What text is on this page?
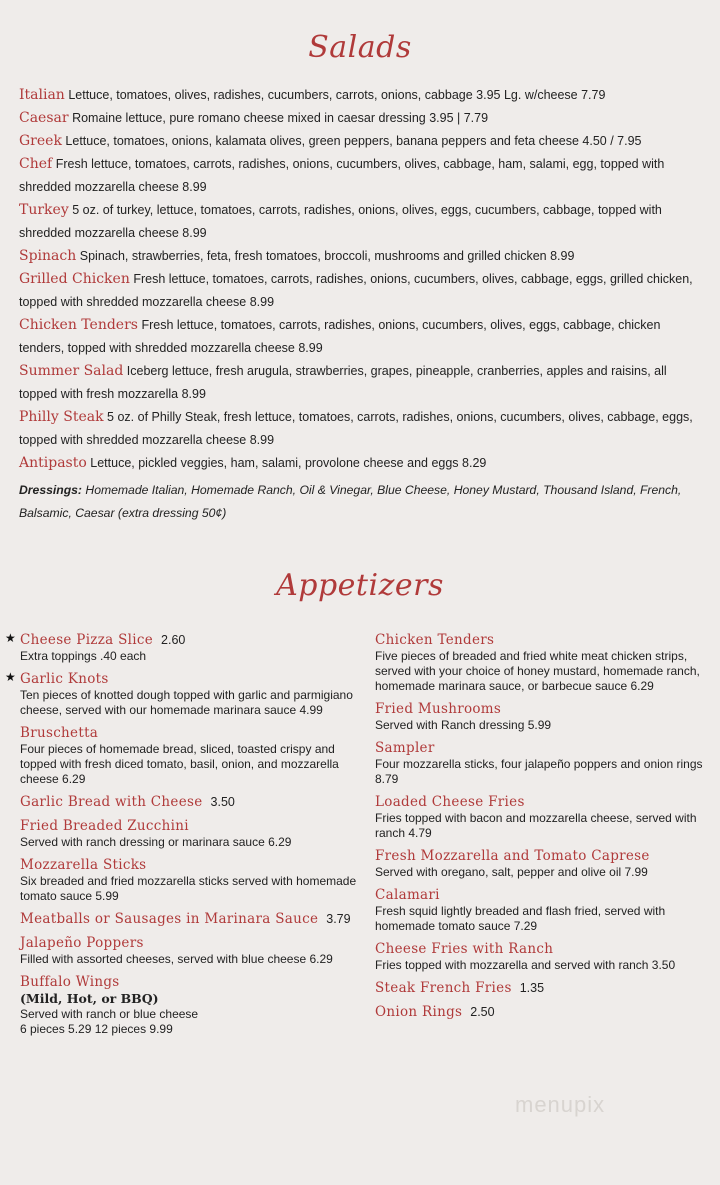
Salads

Italian Lettuce, tomatoes, olives, radishes, cucumbers, carrots, onions, cabbage 3.95 Lg. w/cheese 7.79

Caesar Romaine lettuce, pure romano cheese mixed in caesar dressing 3.95 | 7.79

Greek Lettuce, tomatoes, onions, kalamata olives, green peppers, banana peppers and feta cheese 4.50 / 7.95

Chef Fresh lettuce, tomatoes, carrots, radishes, onions, cucumbers, olives, cabbage, ham, salami, egg, topped with shredded mozzarella cheese 8.99

Turkey 5 oz. of turkey, lettuce, tomatoes, carrots, radishes, onions, olives, eggs, cucumbers, cabbage, topped with shredded mozzarella cheese 8.99

Spinach Spinach, strawberries, feta, fresh tomatoes, broccoli, mushrooms and grilled chicken 8.99

Grilled Chicken Fresh lettuce, tomatoes, carrots, radishes, onions, cucumbers, olives, cabbage, eggs, grilled chicken, topped with shredded mozzarella cheese 8.99

Chicken Tenders Fresh lettuce, tomatoes, carrots, radishes, onions, cucumbers, olives, eggs, cabbage, chicken tenders, topped with shredded mozzarella cheese 8.99

Summer Salad Iceberg lettuce, fresh arugula, strawberries, grapes, pineapple, cranberries, apples and raisins, all topped with fresh mozzarella 8.99

Philly Steak 5 oz. of Philly Steak, fresh lettuce, tomatoes, carrots, radishes, onions, cucumbers, olives, cabbage, eggs, topped with shredded mozzarella cheese 8.99

Antipasto Lettuce, pickled veggies, ham, salami, provolone cheese and eggs 8.29

Dressings: Homemade Italian, Homemade Ranch, Oil & Vinegar, Blue Cheese, Honey Mustard, Thousand Island, French, Balsamic, Caesar (extra dressing 50¢)

Appetizers
★ Cheese Pizza Slice 2.60
Extra toppings .40 each
★ Garlic Knots
Ten pieces of knotted dough topped with garlic and parmigiano cheese, served with our homemade marinara sauce 4.99
Bruschetta
Four pieces of homemade bread, sliced, toasted crispy and topped with fresh diced tomato, basil, onion, and mozzarella cheese 6.29
Garlic Bread with Cheese 3.50
Fried Breaded Zucchini
Served with ranch dressing or marinara sauce 6.29
Mozzarella Sticks
Six breaded and fried mozzarella sticks served with homemade tomato sauce 5.99
Meatballs or Sausages in Marinara Sauce 3.79
Jalapeño Poppers
Filled with assorted cheeses, served with blue cheese 6.29
Buffalo Wings
(Mild, Hot, or BBQ)
Served with ranch or blue cheese
6 pieces 5.29 12 pieces 9.99
Chicken Tenders
Five pieces of breaded and fried white meat chicken strips, served with your choice of honey mustard, homemade ranch, homemade marinara sauce, or barbecue sauce 6.29
Fried Mushrooms
Served with Ranch dressing 5.99
Sampler
Four mozzarella sticks, four jalapeño poppers and onion rings 8.79
Loaded Cheese Fries
Fries topped with bacon and mozzarella cheese, served with ranch 4.79
Fresh Mozzarella and Tomato Caprese
Served with oregano, salt, pepper and olive oil 7.99
Calamari
Fresh squid lightly breaded and flash fried, served with homemade tomato sauce 7.29
Cheese Fries with Ranch
Fries topped with mozzarella and served with ranch 3.50
Steak French Fries 1.35
Onion Rings 2.50
menupix
